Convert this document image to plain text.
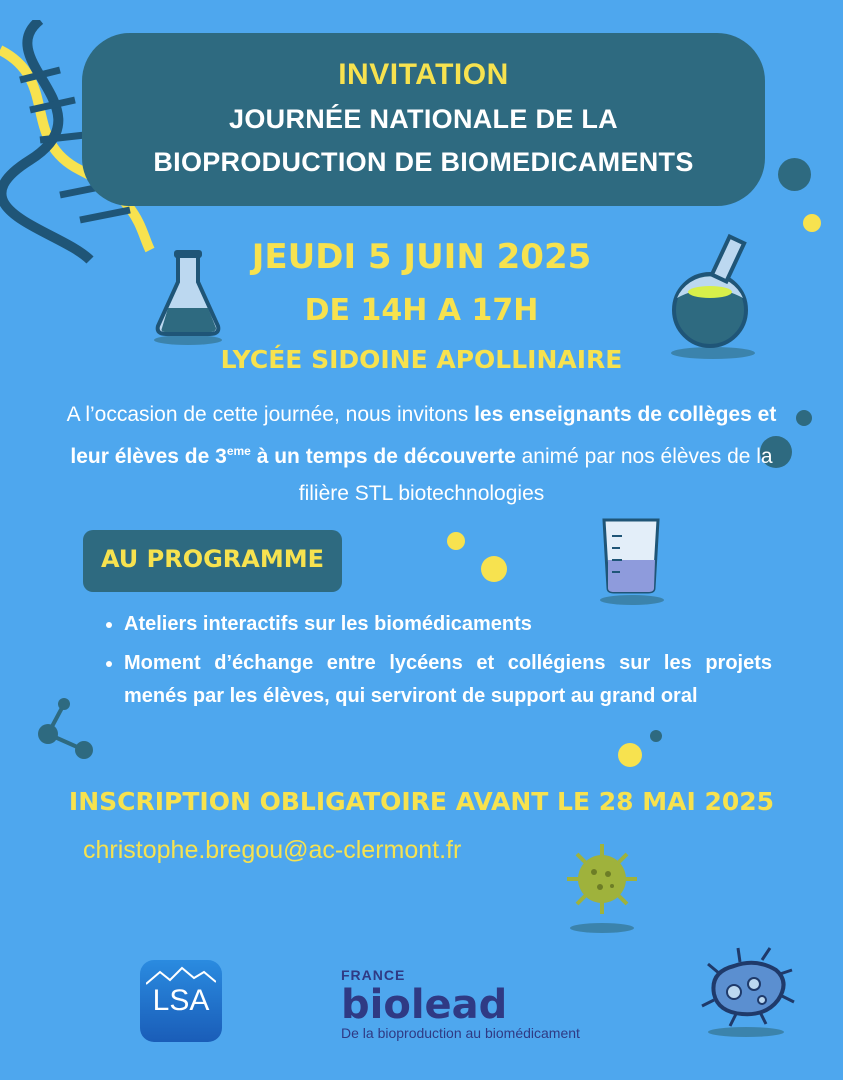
INVITATION
JOURNÉE NATIONALE DE LA
BIOPRODUCTION DE BIOMEDICAMENTS
JEUDI 5 JUIN 2025
DE 14H A 17H
LYCÉE SIDOINE APOLLINAIRE
A l’occasion de cette journée, nous invitons les enseignants de collèges et leur élèves de 3eme à un temps de découverte animé par nos élèves de la filière STL biotechnologies
AU PROGRAMME
• Ateliers interactifs sur les biomédicaments
• Moment d’échange entre lycéens et collégiens sur les projets menés par les élèves, qui serviront de support au grand oral
INSCRIPTION OBLIGATOIRE AVANT LE 28 MAI 2025
christophe.bregou@ac-clermont.fr
LSA
FRANCE
biolead
De la bioproduction au biomédicament
